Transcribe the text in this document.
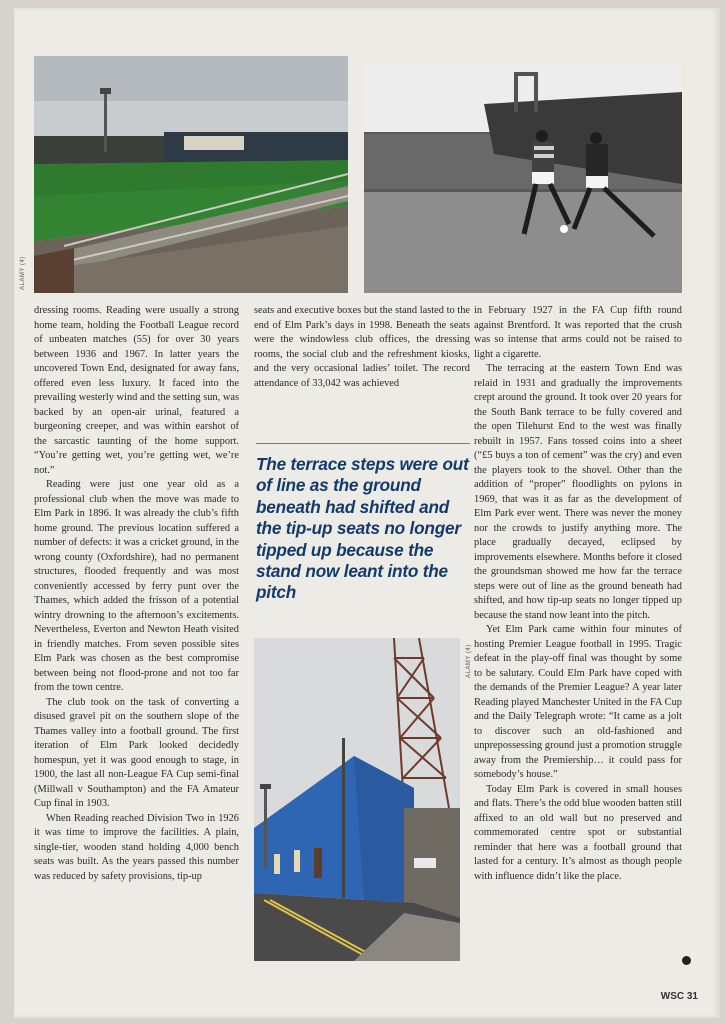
ALAMY (4)

dressing rooms. Reading were usually a strong home team, holding the Football League record of unbeaten matches (55) for over 30 years between 1936 and 1967. In latter years the uncovered Town End, designated for away fans, offered even less luxury. It faced into the prevailing westerly wind and the setting sun, was backed by an open-air urinal, featured a burgeoning creeper, and was within earshot of the sarcastic taunting of the home support. “You’re getting wet, you’re getting wet, we’re not.”

Reading were just one year old as a professional club when the move was made to Elm Park in 1896. It was already the club’s fifth home ground. The previous location suffered a number of defects: it was a cricket ground, in the wrong county (Oxfordshire), had no permanent structures, flooded frequently and was most conveniently accessed by ferry punt over the Thames, which added the frisson of a potential wintry drowning to the afternoon’s excitements. Nevertheless, Everton and Newton Heath visited in friendly matches. From seven possible sites Elm Park was chosen as the best compromise between being not flood-prone and not too far from the town centre.

The club took on the task of converting a disused gravel pit on the southern slope of the Thames valley into a football ground. The first iteration of Elm Park looked decidedly homespun, yet it was good enough to stage, in 1900, the last all non-League FA Cup semi-final (Millwall v Southampton) and the FA Amateur Cup final in 1903.

When Reading reached Division Two in 1926 it was time to improve the facilities. A plain, single-tier, wooden stand holding 4,000 bench seats was built. As the years passed this number was reduced by safety provisions, tip-up

seats and executive boxes but the stand lasted to the end of Elm Park’s days in 1998. Beneath the seats were the windowless club offices, the dressing rooms, the social club and the refreshment kiosks, and the very occasional ladies’ toilet. The record attendance of 33,042 was achieved

The terrace steps were out of line as the ground beneath had shifted and the tip-up seats no longer tipped up because the stand now leant into the pitch

in February 1927 in the FA Cup fifth round against Brentford. It was reported that the crush was so intense that arms could not be raised to light a cigarette.

The terracing at the eastern Town End was relaid in 1931 and gradually the improvements crept around the ground. It took over 20 years for the South Bank terrace to be fully covered and the open Tilehurst End to the west was finally rebuilt in 1957. Fans tossed coins into a sheet (“£5 buys a ton of cement” was the cry) and even the players took to the shovel. Other than the addition of “proper” floodlights on pylons in 1969, that was it as far as the development of Elm Park ever went. There was never the money nor the crowds to justify anything more. The place gradually decayed, eclipsed by improvements elsewhere. Months before it closed the groundsman showed me how far the terrace steps were out of line as the ground beneath had shifted, and how tip-up seats no longer tipped up because the stand now leant into the pitch.

Yet Elm Park came within four minutes of hosting Premier League football in 1995. Tragic defeat in the play-off final was thought by some to be salutary. Could Elm Park have coped with the demands of the Premier League? A year later Reading played Manchester United in the FA Cup and the Daily Telegraph wrote: “It came as a jolt to discover such an old-fashioned and unprepossessing ground just a promotion struggle away from the Premiership… it could pass for somebody’s house.”

Today Elm Park is covered in small houses and flats. There’s the odd blue wooden batten still affixed to an old wall but no preserved and commemorated centre spot or substantial reminder that here was a football ground that lasted for a century. It’s almost as though people with influence didn’t like the place.

ALAMY (4)
WSC 31
